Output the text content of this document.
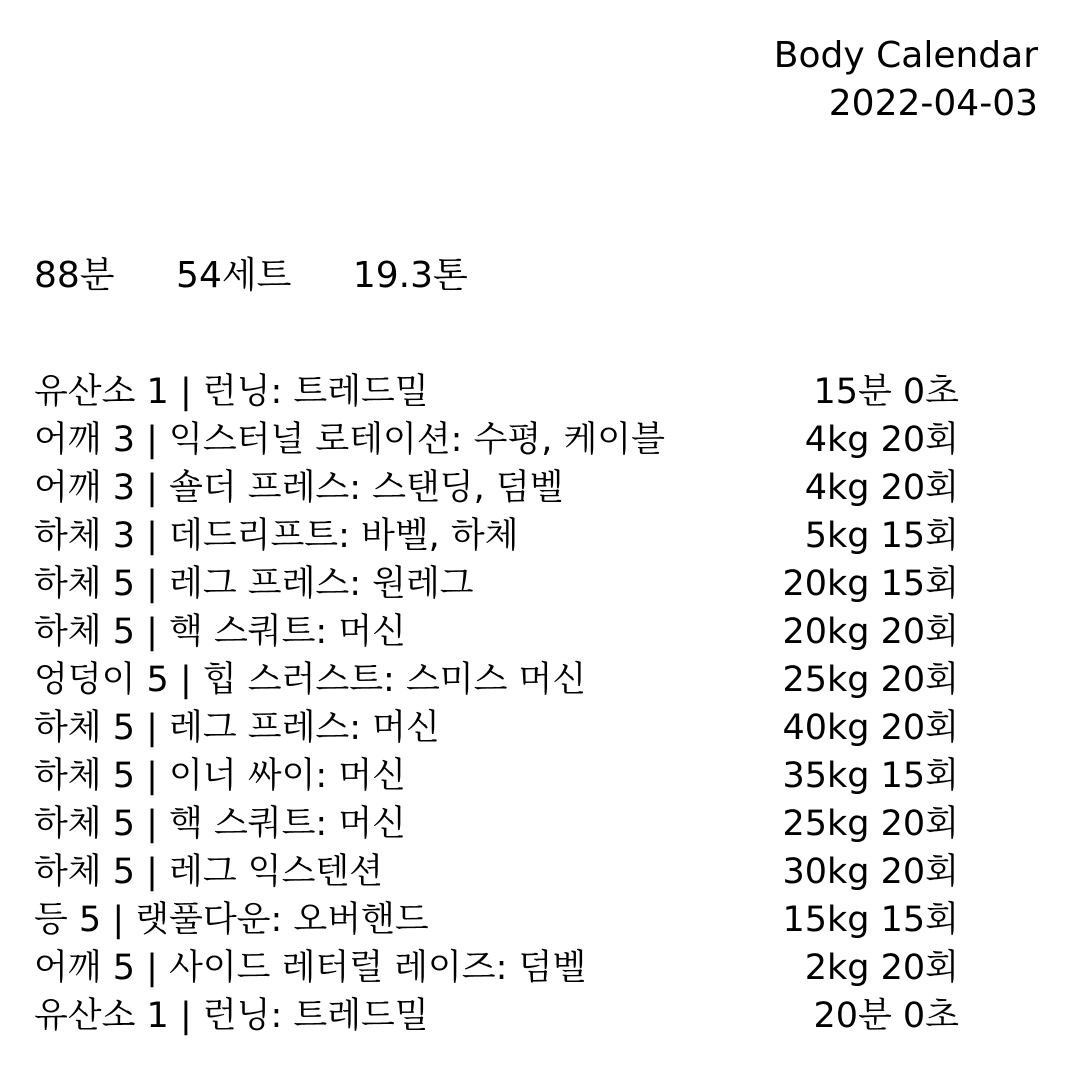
Body Calendar
2022-04-03
88분 54세트 19.3톤
유산소 1 | 런닝: 트레드밀	15분 0초
어깨 3 | 익스터널 로테이션: 수평, 케이블	4kg 20회
어깨 3 | 숄더 프레스: 스탠딩, 덤벨	4kg 20회
하체 3 | 데드리프트: 바벨, 하체	5kg 15회
하체 5 | 레그 프레스: 원레그	20kg 15회
하체 5 | 핵 스쿼트: 머신	20kg 20회
엉덩이 5 | 힙 스러스트: 스미스 머신	25kg 20회
하체 5 | 레그 프레스: 머신	40kg 20회
하체 5 | 이너 싸이: 머신	35kg 15회
하체 5 | 핵 스쿼트: 머신	25kg 20회
하체 5 | 레그 익스텐션	30kg 20회
등 5 | 랫풀다운: 오버핸드	15kg 15회
어깨 5 | 사이드 레터럴 레이즈: 덤벨	2kg 20회
유산소 1 | 런닝: 트레드밀	20분 0초
